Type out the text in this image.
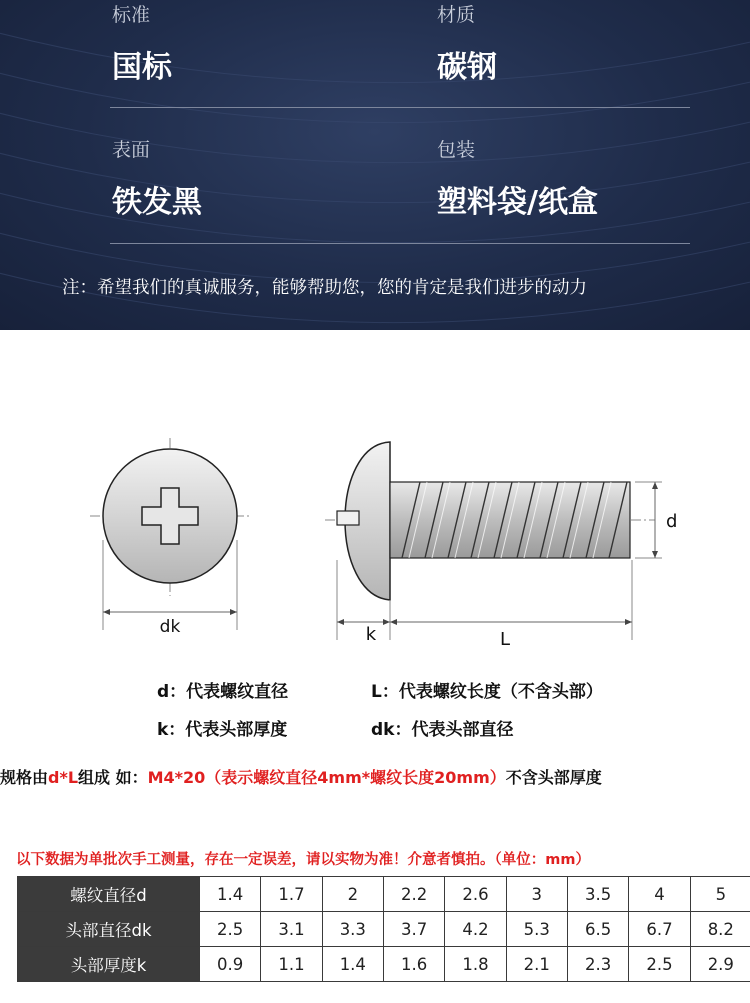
标准
国标
材质
碳钢
表面
铁发黑
包装
塑料袋/纸盒
注：希望我们的真诚服务，能够帮助您，您的肯定是我们进步的动力
dk
d
k	L
d：代表螺纹直径	L：代表螺纹长度（不含头部）
k：代表头部厚度	dk：代表头部直径
规格由d*L组成 如：M4*20（表示螺纹直径4mm*螺纹长度20mm）不含头部厚度
以下数据为单批次手工测量，存在一定误差，请以实物为准！介意者慎拍。（单位：mm）
螺纹直径d	1.4	1.7	2	2.2	2.6	3	3.5	4	5
头部直径dk	2.5	3.1	3.3	3.7	4.2	5.3	6.5	6.7	8.2
头部厚度k	0.9	1.1	1.4	1.6	1.8	2.1	2.3	2.5	2.9
